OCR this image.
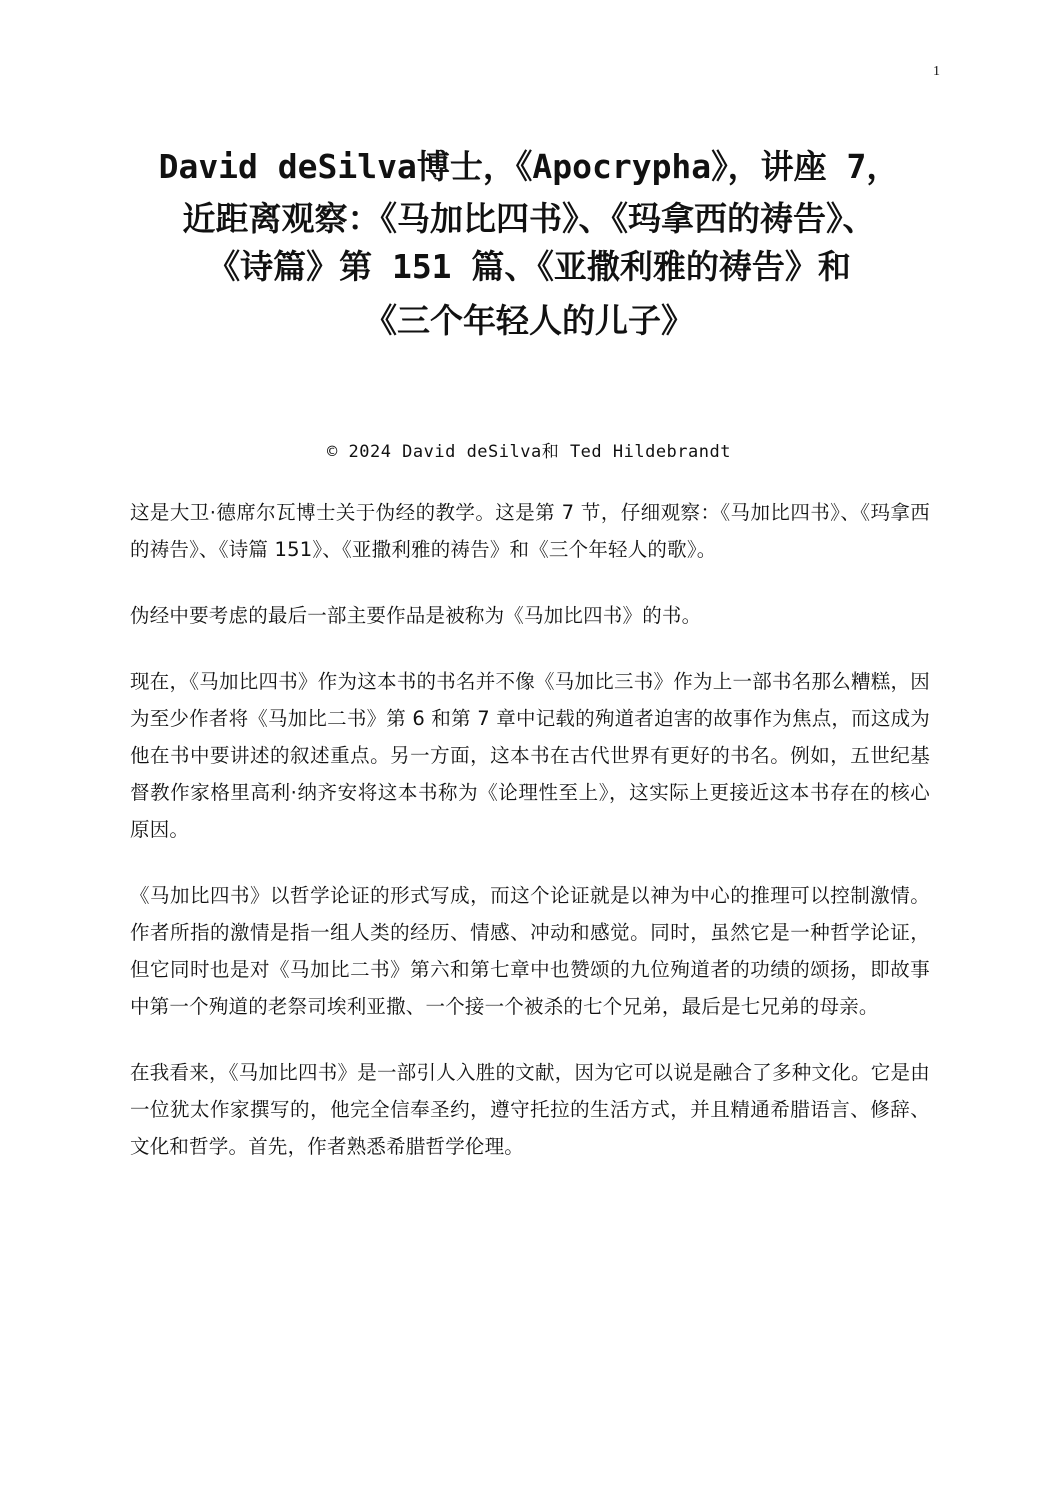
1

David deSilva博士，《Apocrypha》，讲座 7，

近距离观察：《马加比四书》、《玛拿西的祷告》、

《诗篇》第 151 篇、《亚撒利雅的祷告》和

《三个年轻人的儿子》

© 2024 David deSilva和 Ted Hildebrandt

这是大卫·德席尔瓦博士关于伪经的教学。这是第 7 节，仔细观察：《马加比四书》、《玛拿西的祷告》、《诗篇 151》、《亚撒利雅的祷告》和《三个年轻人的歌》。

伪经中要考虑的最后一部主要作品是被称为《马加比四书》的书。

现在，《马加比四书》作为这本书的书名并不像《马加比三书》作为上一部书名那么糟糕，因为至少作者将《马加比二书》第 6 和第 7 章中记载的殉道者迫害的故事作为焦点，而这成为他在书中要讲述的叙述重点。另一方面，这本书在古代世界有更好的书名。例如，五世纪基督教作家格里高利·纳齐安将这本书称为《论理性至上》，这实际上更接近这本书存在的核心原因。

《马加比四书》以哲学论证的形式写成，而这个论证就是以神为中心的推理可以控制激情。作者所指的激情是指一组人类的经历、情感、冲动和感觉。同时，虽然它是一种哲学论证，但它同时也是对《马加比二书》第六和第七章中也赞颂的九位殉道者的功绩的颂扬，即故事中第一个殉道的老祭司埃利亚撒、一个接一个被杀的七个兄弟，最后是七兄弟的母亲。

在我看来，《马加比四书》是一部引人入胜的文献，因为它可以说是融合了多种文化。它是由一位犹太作家撰写的，他完全信奉圣约，遵守托拉的生活方式，并且精通希腊语言、修辞、文化和哲学。首先，作者熟悉希腊哲学伦理。
